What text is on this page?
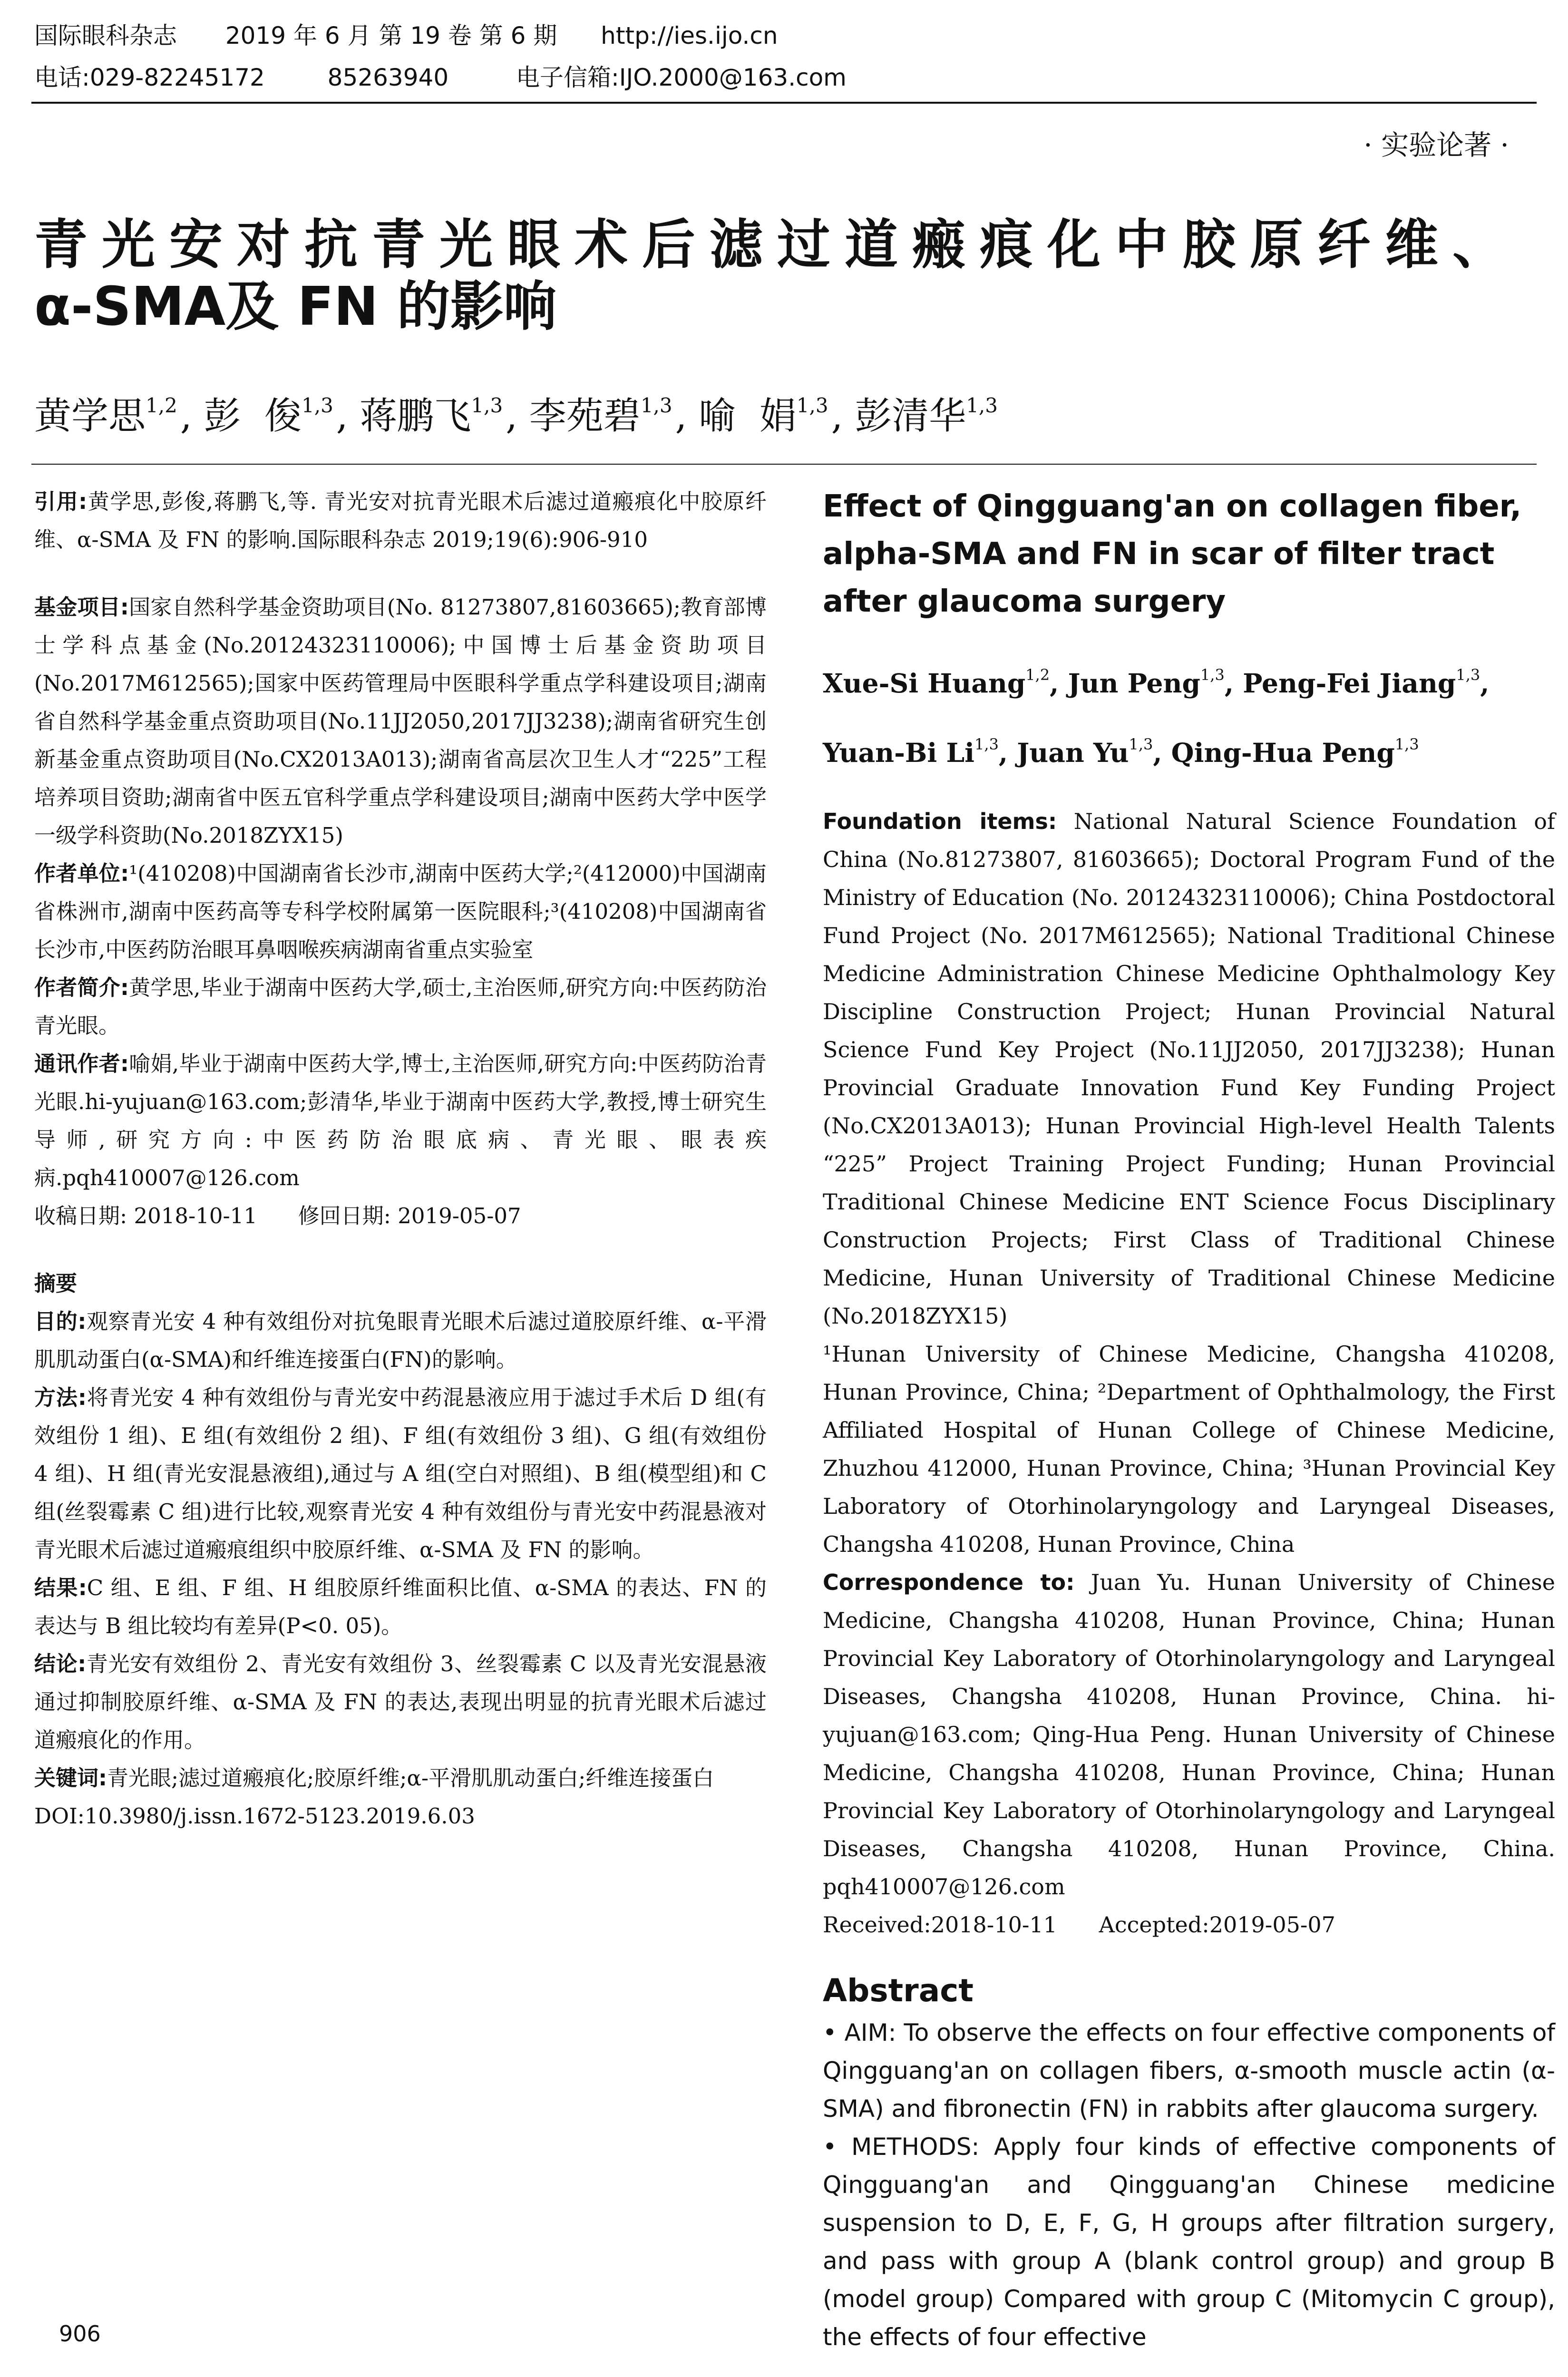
国际眼科杂志 2019 年 6 月 第 19 卷 第 6 期 http://ies.ijo.cn
电话:029-82245172	85263940	电子信箱:IJO.2000@163.com
· 实验论著 ·
青光安对抗青光眼术后滤过道瘢痕化中胶原纤维、
α-SMA及 FN 的影响
黄学思$^{1,2}$, 彭  俊$^{1,3}$, 蒋鹏飞$^{1,3}$, 李苑碧$^{1,3}$, 喻  娟$^{1,3}$, 彭清华$^{1,3}$

引用:黄学思,彭俊,蒋鹏飞,等. 青光安对抗青光眼术后滤过道瘢痕化中胶原纤维、α-SMA 及 FN 的影响.国际眼科杂志 2019;19(6):906-910

基金项目:国家自然科学基金资助项目(No. 81273807,81603665);教育部博士学科点基金(No.20124323110006);中国博士后基金资助项目(No.2017M612565);国家中医药管理局中医眼科学重点学科建设项目;湖南省自然科学基金重点资助项目(No.11JJ2050,2017JJ3238);湖南省研究生创新基金重点资助项目(No.CX2013A013);湖南省高层次卫生人才“225”工程培养项目资助;湖南省中医五官科学重点学科建设项目;湖南中医药大学中医学一级学科资助(No.2018ZYX15)

作者单位:¹(410208)中国湖南省长沙市,湖南中医药大学;²(412000)中国湖南省株洲市,湖南中医药高等专科学校附属第一医院眼科;³(410208)中国湖南省长沙市,中医药防治眼耳鼻咽喉疾病湖南省重点实验室

作者简介:黄学思,毕业于湖南中医药大学,硕士,主治医师,研究方向:中医药防治青光眼。

通讯作者:喻娟,毕业于湖南中医药大学,博士,主治医师,研究方向:中医药防治青光眼.hi-yujuan@163.com;彭清华,毕业于湖南中医药大学,教授,博士研究生导师,研究方向:中医药防治眼底病、青光眼、眼表疾病.pqh410007@126.com

收稿日期: 2018-10-11      修回日期: 2019-05-07

摘要

目的:观察青光安 4 种有效组份对抗兔眼青光眼术后滤过道胶原纤维、α-平滑肌肌动蛋白(α-SMA)和纤维连接蛋白(FN)的影响。

方法:将青光安 4 种有效组份与青光安中药混悬液应用于滤过手术后 D 组(有效组份 1 组)、E 组(有效组份 2 组)、F 组(有效组份 3 组)、G 组(有效组份 4 组)、H 组(青光安混悬液组),通过与 A 组(空白对照组)、B 组(模型组)和 C 组(丝裂霉素 C 组)进行比较,观察青光安 4 种有效组份与青光安中药混悬液对青光眼术后滤过道瘢痕组织中胶原纤维、α-SMA 及 FN 的影响。

结果:C 组、E 组、F 组、H 组胶原纤维面积比值、α-SMA 的表达、FN 的表达与 B 组比较均有差异(P<0. 05)。

结论:青光安有效组份 2、青光安有效组份 3、丝裂霉素 C 以及青光安混悬液通过抑制胶原纤维、α-SMA 及 FN 的表达,表现出明显的抗青光眼术后滤过道瘢痕化的作用。

关键词:青光眼;滤过道瘢痕化;胶原纤维;α-平滑肌肌动蛋白;纤维连接蛋白

DOI:10.3980/j.issn.1672-5123.2019.6.03

Effect of Qingguang'an on collagen fiber, alpha-SMA and FN in scar of filter tract after glaucoma surgery

Xue-Si Huang$^{1,2}$, Jun Peng$^{1,3}$, Peng-Fei Jiang$^{1,3}$, Yuan-Bi Li$^{1,3}$, Juan Yu$^{1,3}$, Qing-Hua Peng$^{1,3}$

Foundation items: National Natural Science Foundation of China (No.81273807, 81603665); Doctoral Program Fund of the Ministry of Education (No. 20124323110006); China Postdoctoral Fund Project (No. 2017M612565); National Traditional Chinese Medicine Administration Chinese Medicine Ophthalmology Key Discipline Construction Project; Hunan Provincial Natural Science Fund Key Project (No.11JJ2050, 2017JJ3238); Hunan Provincial Graduate Innovation Fund Key Funding Project (No.CX2013A013); Hunan Provincial High-level Health Talents “225” Project Training Project Funding; Hunan Provincial Traditional Chinese Medicine ENT Science Focus Disciplinary Construction Projects; First Class of Traditional Chinese Medicine, Hunan University of Traditional Chinese Medicine (No.2018ZYX15)

¹Hunan University of Chinese Medicine, Changsha 410208, Hunan Province, China; ²Department of Ophthalmology, the First Affiliated Hospital of Hunan College of Chinese Medicine, Zhuzhou 412000, Hunan Province, China; ³Hunan Provincial Key Laboratory of Otorhinolaryngology and Laryngeal Diseases, Changsha 410208, Hunan Province, China

Correspondence to: Juan Yu. Hunan University of Chinese Medicine, Changsha 410208, Hunan Province, China; Hunan Provincial Key Laboratory of Otorhinolaryngology and Laryngeal Diseases, Changsha 410208, Hunan Province, China. hi-yujuan@163.com; Qing-Hua Peng. Hunan University of Chinese Medicine, Changsha 410208, Hunan Province, China; Hunan Provincial Key Laboratory of Otorhinolaryngology and Laryngeal Diseases, Changsha 410208, Hunan Province, China. pqh410007@126.com

Received:2018-10-11      Accepted:2019-05-07

Abstract

• AIM: To observe the effects on four effective components of Qingguang'an on collagen fibers, α-smooth muscle actin (α-SMA) and fibronectin (FN) in rabbits after glaucoma surgery.

• METHODS: Apply four kinds of effective components of Qingguang'an and Qingguang'an Chinese medicine suspension to D, E, F, G, H groups after filtration surgery, and pass with group A (blank control group) and group B (model group) Compared with group C (Mitomycin C group), the effects of four effective

906
